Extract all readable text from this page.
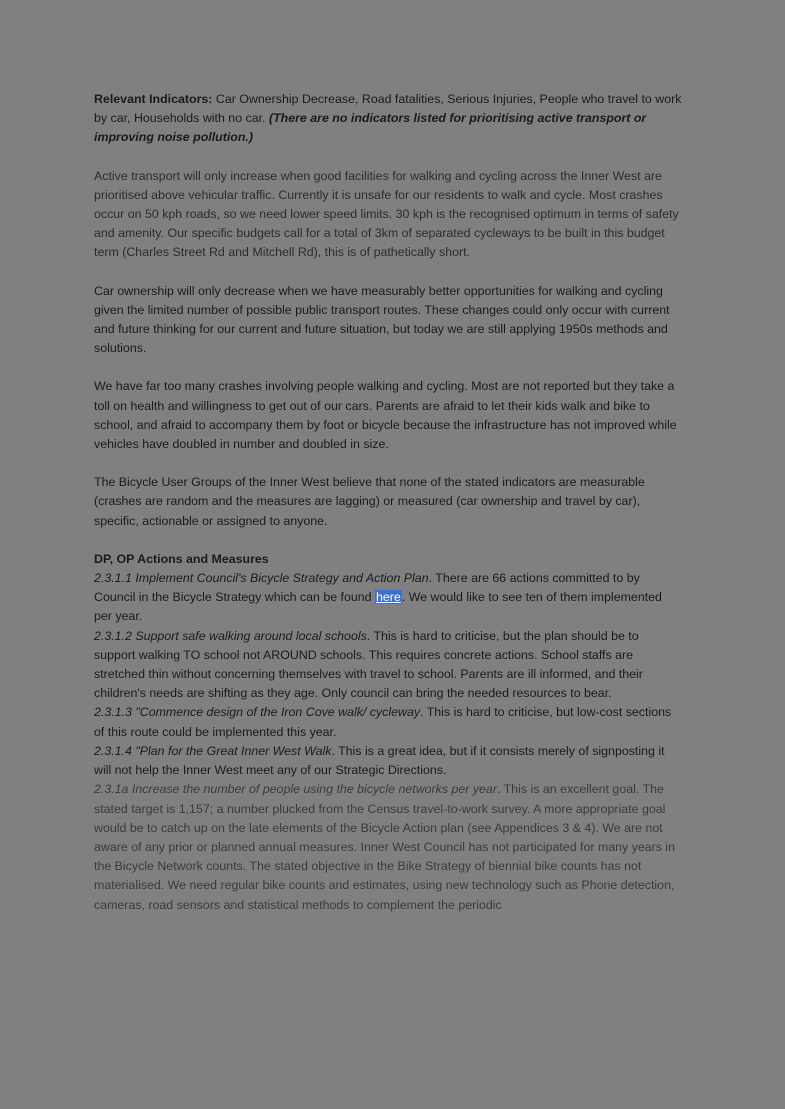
Relevant Indicators: Car Ownership Decrease, Road fatalities, Serious Injuries, People who travel to work by car, Households with no car. (There are no indicators listed for prioritising active transport or improving noise pollution.)

Active transport will only increase when good facilities for walking and cycling across the Inner West are prioritised above vehicular traffic. Currently it is unsafe for our residents to walk and cycle. Most crashes occur on 50 kph roads, so we need lower speed limits. 30 kph is the recognised optimum in terms of safety and amenity. Our specific budgets call for a total of 3km of separated cycleways to be built in this budget term (Charles Street Rd and Mitchell Rd), this is of pathetically short.

Car ownership will only decrease when we have measurably better opportunities for walking and cycling given the limited number of possible public transport routes. These changes could only occur with current and future thinking for our current and future situation, but today we are still applying 1950s methods and solutions.

We have far too many crashes involving people walking and cycling. Most are not reported but they take a toll on health and willingness to get out of our cars. Parents are afraid to let their kids walk and bike to school, and afraid to accompany them by foot or bicycle because the infrastructure has not improved while vehicles have doubled in number and doubled in size.

The Bicycle User Groups of the Inner West believe that none of the stated indicators are measurable (crashes are random and the measures are lagging) or measured (car ownership and travel by car), specific, actionable or assigned to anyone.

DP, OP Actions and Measures

2.3.1.1 Implement Council's Bicycle Strategy and Action Plan. There are 66 actions committed to by Council in the Bicycle Strategy which can be found here. We would like to see ten of them implemented per year.

2.3.1.2 Support safe walking around local schools. This is hard to criticise, but the plan should be to support walking TO school not AROUND schools. This requires concrete actions. School staffs are stretched thin without concerning themselves with travel to school. Parents are ill informed, and their children's needs are shifting as they age. Only council can bring the needed resources to bear.

2.3.1.3 "Commence design of the Iron Cove walk/ cycleway. This is hard to criticise, but low-cost sections of this route could be implemented this year.

2.3.1.4 "Plan for the Great Inner West Walk. This is a great idea, but if it consists merely of signposting it will not help the Inner West meet any of our Strategic Directions.

2.3.1a Increase the number of people using the bicycle networks per year. This is an excellent goal. The stated target is 1,157; a number plucked from the Census travel-to-work survey. A more appropriate goal would be to catch up on the late elements of the Bicycle Action plan (see Appendices 3 & 4). We are not aware of any prior or planned annual measures. Inner West Council has not participated for many years in the Bicycle Network counts. The stated objective in the Bike Strategy of biennial bike counts has not materialised. We need regular bike counts and estimates, using new technology such as Phone detection, cameras, road sensors and statistical methods to complement the periodic
